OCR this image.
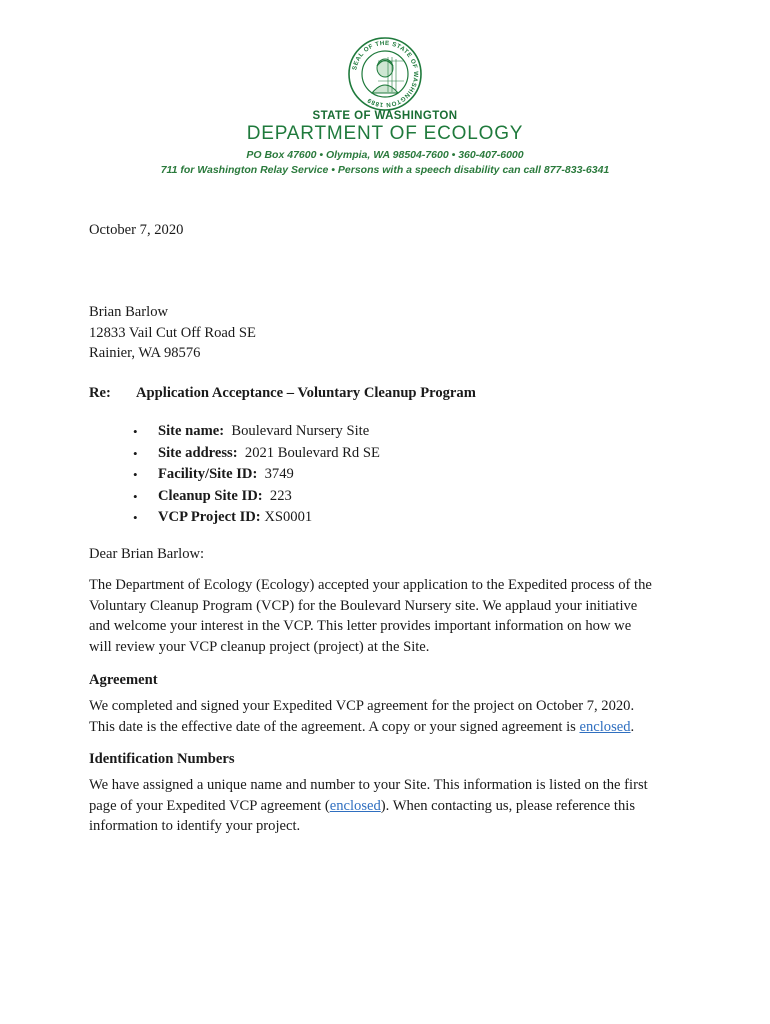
SEAL OF THE STATE OF WASHINGTON 1889
STATE OF WASHINGTON
DEPARTMENT OF ECOLOGY
PO Box 47600 • Olympia, WA 98504-7600 • 360-407-6000
711 for Washington Relay Service • Persons with a speech disability can call 877-833-6341
October 7, 2020
Brian Barlow
12833 Vail Cut Off Road SE
Rainier, WA 98576
Re: Application Acceptance – Voluntary Cleanup Program
• Site name: Boulevard Nursery Site
• Site address: 2021 Boulevard Rd SE
• Facility/Site ID: 3749
• Cleanup Site ID: 223
• VCP Project ID: XS0001
Dear Brian Barlow:
The Department of Ecology (Ecology) accepted your application to the Expedited process of the
Voluntary Cleanup Program (VCP) for the Boulevard Nursery site. We applaud your initiative
and welcome your interest in the VCP. This letter provides important information on how we
will review your VCP cleanup project (project) at the Site.
Agreement
We completed and signed your Expedited VCP agreement for the project on October 7, 2020.
This date is the effective date of the agreement. A copy or your signed agreement is enclosed.
Identification Numbers
We have assigned a unique name and number to your Site. This information is listed on the first
page of your Expedited VCP agreement (enclosed). When contacting us, please reference this
information to identify your project.
